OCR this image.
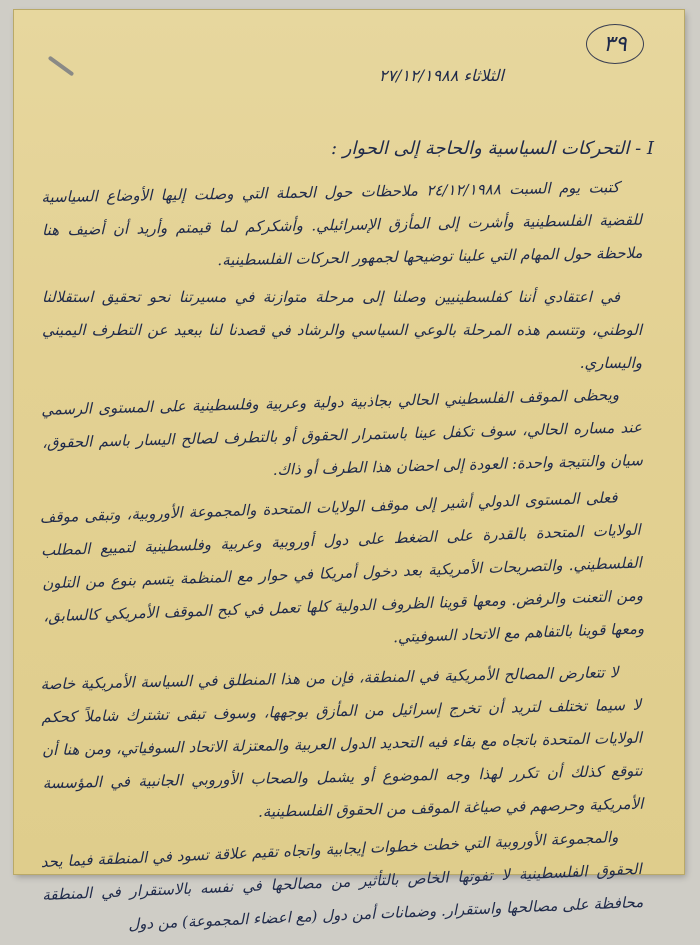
٣٩
الثلاثاء ٢٧/١٢/١٩٨٨
I - التحركات السياسية والحاجة إلى الحوار :

كتبت يوم السبت ٢٤/١٢/١٩٨٨ ملاحظات حول الحملة التي وصلت إليها الأوضاع السياسية للقضية الفلسطينية وأشرت إلى المأزق الإسرائيلي. وأشكركم لما قيمتم وأريد أن أضيف هنا ملاحظة حول المهام التي علينا توضيحها لجمهور الحركات الفلسطينية.

في اعتقادي أننا كفلسطينيين وصلنا إلى مرحلة متوازنة في مسيرتنا نحو تحقيق استقلالنا الوطني، وتتسم هذه المرحلة بالوعي السياسي والرشاد في قصدنا لنا ببعيد عن التطرف اليميني واليساري.

ويحظى الموقف الفلسطيني الحالي بجاذبية دولية وعربية وفلسطينية على المستوى الرسمي عند مساره الحالي، سوف تكفل عينا باستمرار الحقوق أو بالتطرف لصالح اليسار باسم الحقوق، سيان والنتيجة واحدة: العودة إلى احضان هذا الطرف أو ذاك.

فعلى المستوى الدولي أشير إلى موقف الولايات المتحدة والمجموعة الأوروبية، وتبقى موقف الولايات المتحدة بالقدرة على الضغط على دول أوروبية وعربية وفلسطينية لتمييع المطلب الفلسطيني. والتصريحات الأمريكية بعد دخول أمريكا في حوار مع المنظمة يتسم بنوع من التلون ومن التعنت والرفض. ومعها قوينا الظروف الدولية كلها تعمل في كبح الموقف الأمريكي كالسابق، ومعها قوينا بالتفاهم مع الاتحاد السوفيتي.

لا تتعارض المصالح الأمريكية في المنطقة، فإن من هذا المنطلق في السياسة الأمريكية خاصة لا سيما تختلف لتريد أن تخرج إسرائيل من المأزق بوجهها، وسوف تبقى تشترك شاملاً كحكم الولايات المتحدة باتجاه مع بقاء فيه التحديد الدول العربية والمعتزلة الاتحاد السوفياتي، ومن هنا أن نتوقع كذلك أن تكرر لهذا وجه الموضوع أو يشمل والصحاب الأوروبي الجانبية في المؤسسة الأمريكية وحرصهم في صياغة الموقف من الحقوق الفلسطينية.

والمجموعة الأوروبية التي خطت خطوات إيجابية واتجاه تقيم علاقة تسود في المنطقة فيما يحد الحقوق الفلسطينية لا تفوتها الخاص بالتأثير من مصالحها في نفسه بالاستقرار في المنطقة محافظة على مصالحها واستقرار. وضمانات أمن دول (مع اعضاء المجموعة) من دول
